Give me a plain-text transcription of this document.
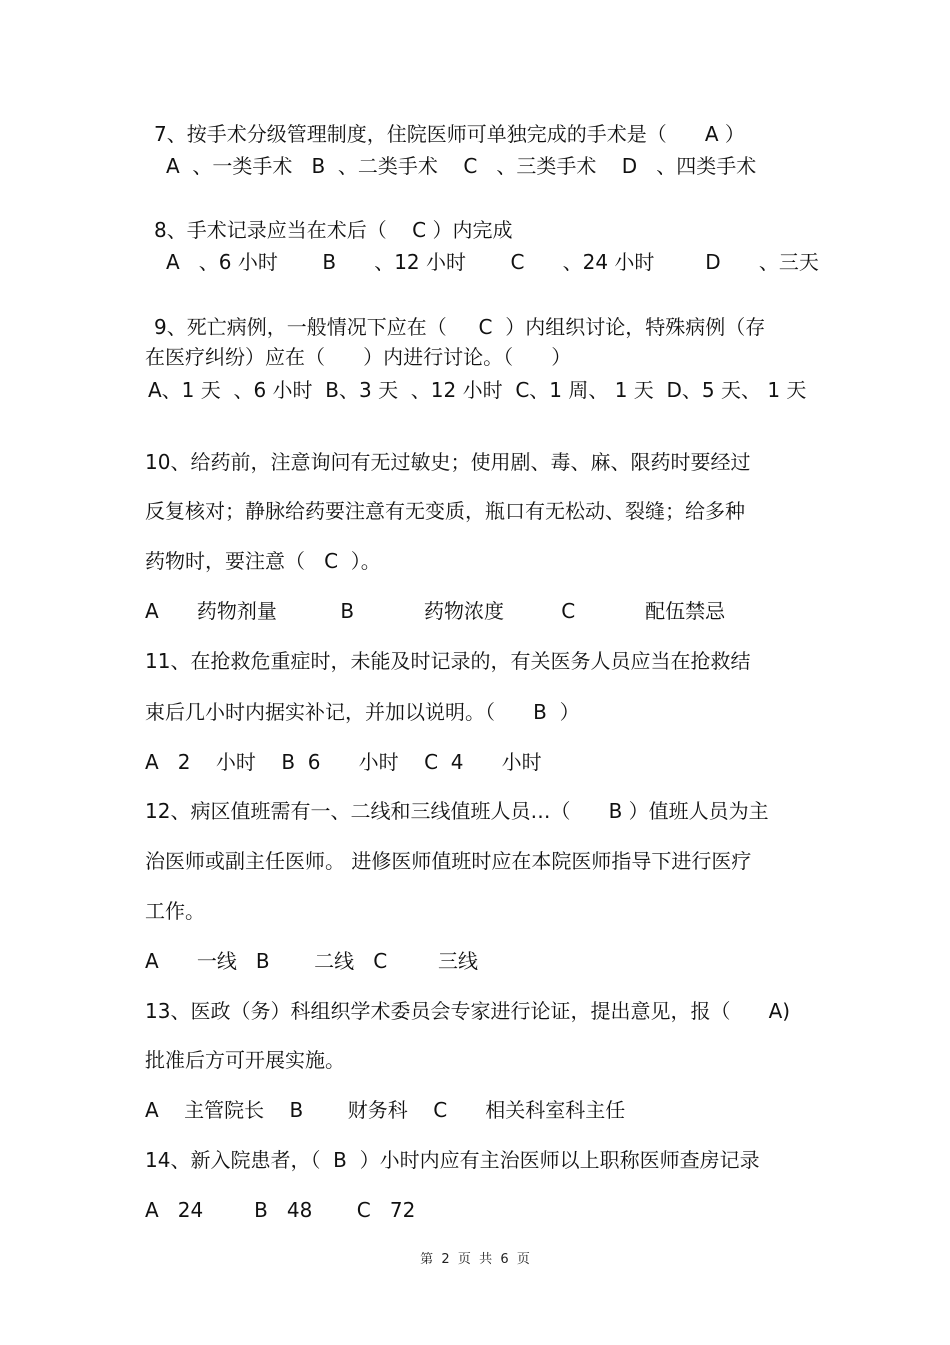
7、按手术分级管理制度，住院医师可单独完成的手术是（      A ）

A  、一类手术   B  、二类手术    C   、三类手术    D   、四类手术

8、手术记录应当在术后（    C ）内完成

A   、6 小时       B      、12 小时       C      、24 小时        D      、三天

9、死亡病例，一般情况下应在（     C  ）内组织讨论，特殊病例（存

在医疗纠纷）应在（      ）内进行讨论。（      ）

A、1 天  、6 小时  B、3 天  、12 小时  C、1 周、 1 天  D、5 天、 1 天

10、给药前，注意询问有无过敏史；使用剧、毒、麻、限药时要经过

反复核对；静脉给药要注意有无变质，瓶口有无松动、裂缝；给多种

药物时，要注意（   C  ）。

A      药物剂量          B           药物浓度         C           配伍禁忌

11、在抢救危重症时，未能及时记录的，有关医务人员应当在抢救结

束后几小时内据实补记，并加以说明。（      B  ）

A   2    小时    B  6      小时    C  4      小时

12、病区值班需有一、二线和三线值班人员…（      B ）值班人员为主

治医师或副主任医师。 进修医师值班时应在本院医师指导下进行医疗

工作。

A      一线   B       二线   C        三线

13、医政（务）科组织学术委员会专家进行论证，提出意见，报（      A)

批准后方可开展实施。

A    主管院长    B       财务科    C      相关科室科主任

14、新入院患者，（  B  ）小时内应有主治医师以上职称医师查房记录

A   24        B   48       C   72

第  2  页  共  6  页
